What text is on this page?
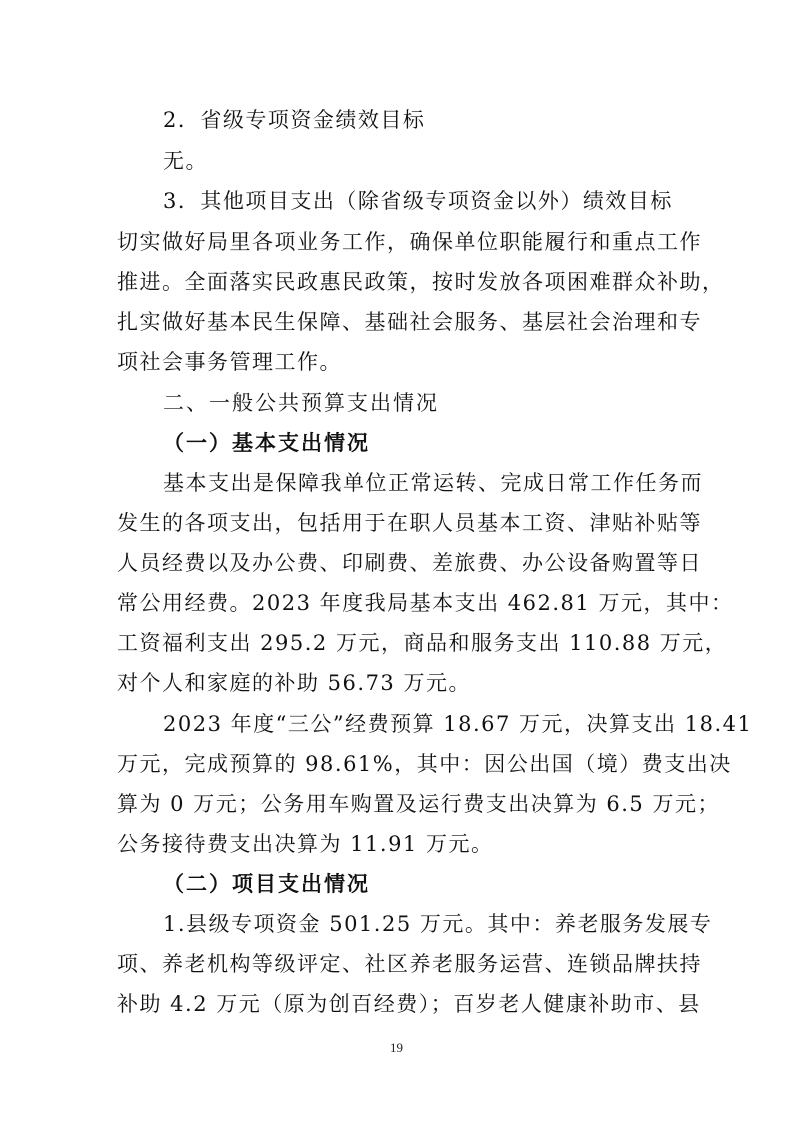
2．省级专项资金绩效目标
无。
3．其他项目支出（除省级专项资金以外）绩效目标
切实做好局里各项业务工作，确保单位职能履行和重点工作
推进。全面落实民政惠民政策，按时发放各项困难群众补助，
扎实做好基本民生保障、基础社会服务、基层社会治理和专
项社会事务管理工作。
二、一般公共预算支出情况
（一）基本支出情况
基本支出是保障我单位正常运转、完成日常工作任务而
发生的各项支出，包括用于在职人员基本工资、津贴补贴等
人员经费以及办公费、印刷费、差旅费、办公设备购置等日
常公用经费。2023 年度我局基本支出 462.81 万元，其中：
工资福利支出 295.2 万元，商品和服务支出 110.88 万元，
对个人和家庭的补助 56.73 万元。
2023 年度“三公”经费预算 18.67 万元，决算支出 18.41
万元，完成预算的 98.61%，其中：因公出国（境）费支出决
算为 0 万元；公务用车购置及运行费支出决算为 6.5 万元；
公务接待费支出决算为 11.91 万元。
（二）项目支出情况
1.县级专项资金 501.25 万元。其中：养老服务发展专
项、养老机构等级评定、社区养老服务运营、连锁品牌扶持
补助 4.2 万元（原为创百经费）；百岁老人健康补助市、县
19
